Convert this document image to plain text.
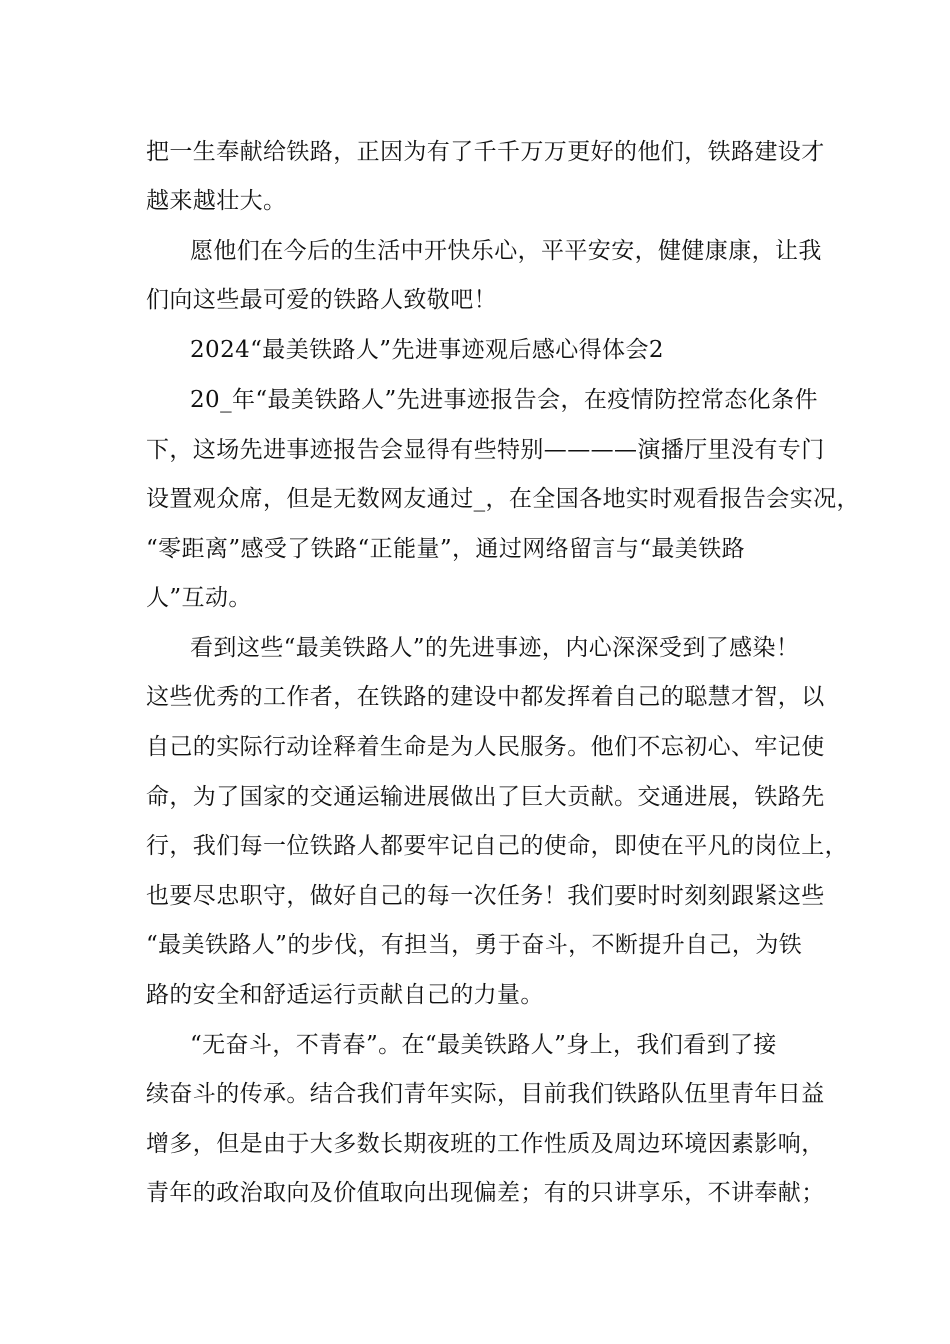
把一生奉献给铁路，正因为有了千千万万更好的他们，铁路建设才
越来越壮大。
愿他们在今后的生活中开快乐心，平平安安，健健康康，让我
们向这些最可爱的铁路人致敬吧！
2024“最美铁路人”先进事迹观后感心得体会2
20_年“最美铁路人”先进事迹报告会，在疫情防控常态化条件
下，这场先进事迹报告会显得有些特别————演播厅里没有专门
设置观众席，但是无数网友通过_，在全国各地实时观看报告会实况，
“零距离”感受了铁路“正能量”，通过网络留言与“最美铁路
人”互动。
看到这些“最美铁路人”的先进事迹，内心深深受到了感染！
这些优秀的工作者，在铁路的建设中都发挥着自己的聪慧才智，以
自己的实际行动诠释着生命是为人民服务。他们不忘初心、牢记使
命，为了国家的交通运输进展做出了巨大贡献。交通进展，铁路先
行，我们每一位铁路人都要牢记自己的使命，即使在平凡的岗位上，
也要尽忠职守，做好自己的每一次任务！我们要时时刻刻跟紧这些
“最美铁路人”的步伐，有担当，勇于奋斗，不断提升自己，为铁
路的安全和舒适运行贡献自己的力量。
“无奋斗，不青春”。在“最美铁路人”身上，我们看到了接
续奋斗的传承。结合我们青年实际，目前我们铁路队伍里青年日益
增多，但是由于大多数长期夜班的工作性质及周边环境因素影响，
青年的政治取向及价值取向出现偏差；有的只讲享乐，不讲奉献；
